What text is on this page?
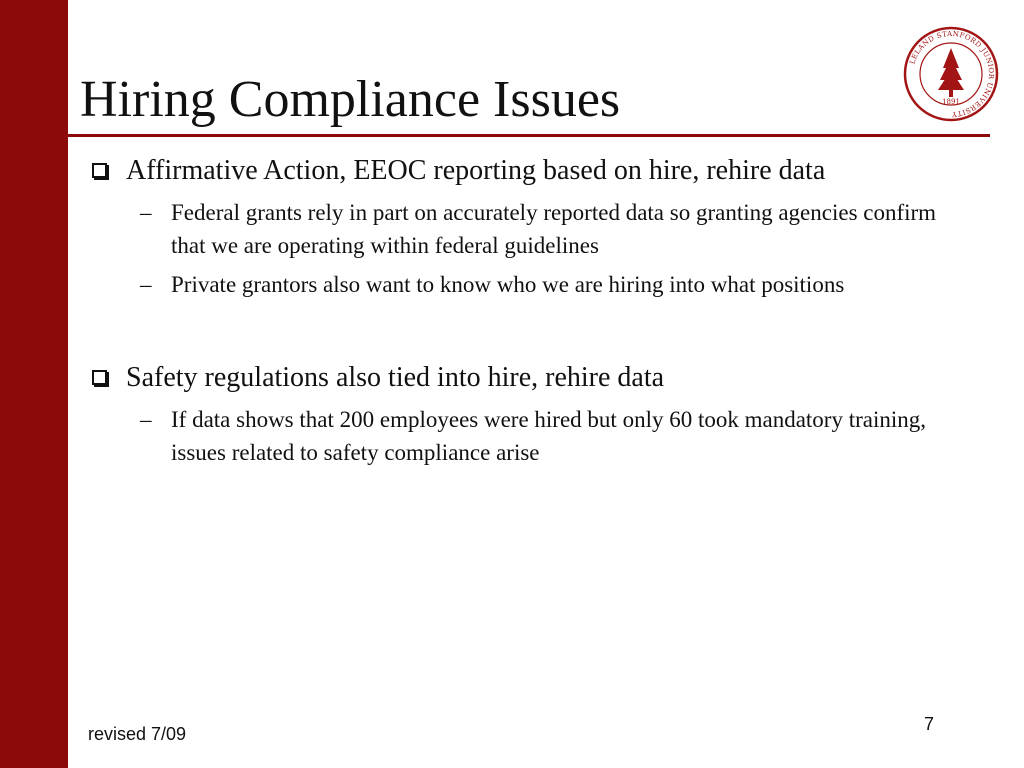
Hiring Compliance Issues
LELAND STANFORD JUNIOR UNIVERSITY
1891
Affirmative Action, EEOC reporting based on hire, rehire data
– Federal grants rely in part on accurately reported data so granting agencies confirm that we are operating within federal guidelines
– Private grantors also want to know who we are hiring into what positions
Safety regulations also tied into hire, rehire data
– If data shows that 200 employees were hired but only 60 took mandatory training, issues related to safety compliance arise
revised 7/09	7
